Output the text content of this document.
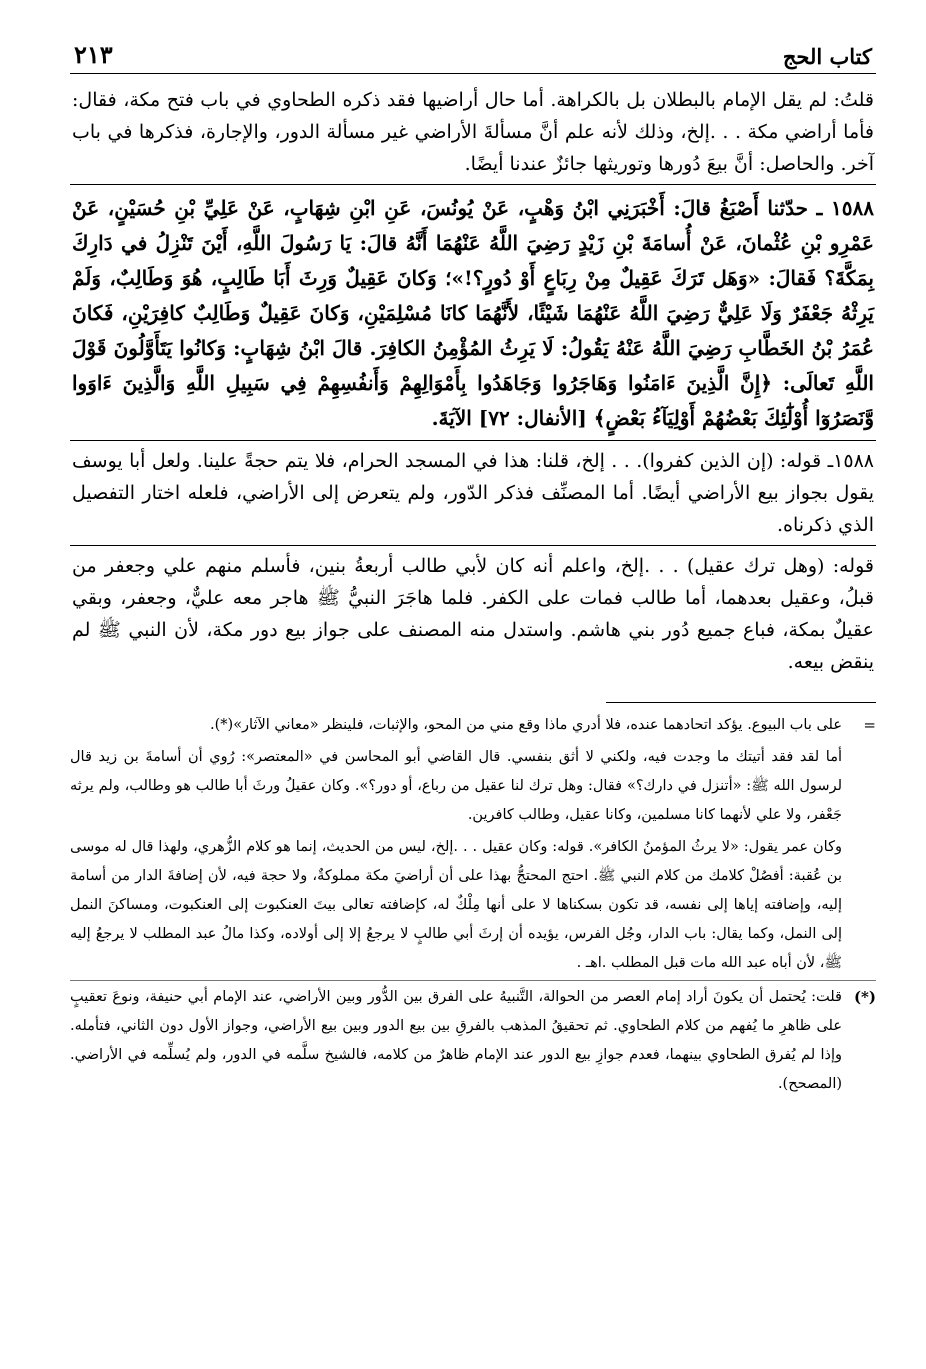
كتاب الحج
٢١٣

قلتُ: لم يقل الإمام بالبطلان بل بالكراهة. أما حال أراضيها فقد ذكره الطحاوي في باب فتح مكة، فقال: فأما أراضي مكة . . .إلخ، وذلك لأنه علم أنَّ مسألةَ الأراضي غير مسألة الدور، والإجارة، فذكرها في باب آخر. والحاصل: أنَّ بيعَ دُورها وتوريثها جائزٌ عندنا أيضًا.

١٥٨٨ ـ حدّثنا أَصْبَغُ قالَ: أَخْبَرَنِي ابْنُ وَهْبٍ، عَنْ يُونُسَ، عَنِ ابْنِ شِهَابٍ، عَنْ عَلِيِّ بْنِ حُسَيْنٍ، عَنْ عَمْرِو بْنِ عُثْمانَ، عَنْ أُسامَةَ بْنِ زَيْدٍ رَضِيَ اللَّهُ عَنْهُمَا أَنَّهُ قالَ: يَا رَسُولَ اللَّهِ، أَيْنَ تَنْزِلُ في دَارِكَ بِمَكَّةَ؟ فَقالَ: «وَهَل تَرَكَ عَقِيلٌ مِنْ رِبَاعٍ أَوْ دُورٍ؟!»؛ وَكانَ عَقِيلٌ وَرِثَ أَبَا طَالِبٍ، هُوَ وَطَالِبٌ، وَلَمْ يَرِثْهُ جَعْفَرٌ وَلَا عَلِيٌّ رَضِيَ اللَّهُ عَنْهُمَا شَيْئًا، لأَنَّهُمَا كانَا مُسْلِمَيْنِ، وَكانَ عَقِيلٌ وَطَالِبٌ كافِرَيْنِ، فَكانَ عُمَرُ بْنُ الخَطَّابِ رَضِيَ اللَّهُ عَنْهُ يَقُولُ: لَا يَرِثُ المُؤْمِنُ الكافِرَ. قالَ ابْنُ شِهَابٍ: وَكانُوا يَتَأَوَّلُونَ قَوْلَ اللَّهِ تَعالَى: ﴿إِنَّ الَّذِينَ ءَامَنُوا وَهَاجَرُوا وَجَاهَدُوا بِأَمْوَالِهِمْ وَأَنفُسِهِمْ فِي سَبِيلِ اللَّهِ وَالَّذِينَ ءَاوَوا وَّنَصَرُوٓا أُوْلَٰٓئِكَ بَعْضُهُمْ أَوْلِيَآءُ بَعْضٍ﴾ [الأنفال: ٧٢] الآيَةَ.

١٥٨٨ـ قوله: (إن الذين كفروا). . . إلخ، قلنا: هذا في المسجد الحرام، فلا يتم حجةً علينا. ولعل أبا يوسف يقول بجواز بيع الأراضي أيضًا. أما المصنِّف فذكر الدّور، ولم يتعرض إلى الأراضي، فلعله اختار التفصيل الذي ذكرناه.

قوله: (وهل ترك عقيل) . . .إلخ، واعلم أنه كان لأبي طالب أربعةُ بنين، فأسلم منهم علي وجعفر من قبلُ، وعقيل بعدهما، أما طالب فمات على الكفر. فلما هاجَرَ النبيُّ ﷺ هاجر معه عليٌّ، وجعفر، وبقي عقيلٌ بمكة، فباع جميع دُور بني هاشم. واستدل منه المصنف على جواز بيع دور مكة، لأن النبي ﷺ لم ينقض بيعه.

=
على باب البيوع. يؤكد اتحادهما عنده، فلا أدري ماذا وقع مني من المحو، والإثبات، فلينظر «معاني الآثار»(*).
أما لقد فقد أتيتك ما وجدت فيه، ولكني لا أثق بنفسي. قال القاضي أبو المحاسن في «المعتصر»: رُوي أن أسامةَ بن زيد قال لرسول الله ﷺ: «أتنزل في دارك؟» فقال: وهل ترك لنا عقيل من رباع، أو دور؟». وكان عقيلُ ورثَ أبا طالب هو وطالب، ولم يرثه جَعْفر، ولا علي لأنهما كانا مسلمين، وكانا عقيل، وطالب كافرين.
وكان عمر يقول: «لا يرثُ المؤمنُ الكافر». قوله: وكان عقيل . . .إلخ، ليس من الحديث، إنما هو كلام الزُّهري، ولهذا قال له موسى بن عُقبة: أفصُلْ كلامك من كلام النبي ﷺ. احتج المحتجُّ بهذا على أن أراضيَ مكة مملوكةٌ، ولا حجة فيه، لأن إضافةَ الدار من أسامة إليه، وإضافته إياها إلى نفسه، قد تكون بسكناها لا على أنها مِلْكٌ له، كإضافته تعالى بيتَ العنكبوت إلى العنكبوت، ومساكنَ النمل إلى النمل، وكما يقال: باب الدار، وجُل الفرس، يؤيده أن إرثَ أبي طالبٍ لا يرجعُ إلا إلى أولاده، وكذا مالُ عبد المطلب لا يرجعُ إليه ﷺ، لأن أباه عبد الله مات قبل المطلب .اهـ .
(*)
قلت: يُحتمل أن يكونَ أراد إمام العصر من الحوالة، التَّنبيهُ على الفرق بين الدُّور وبين الأراضي، عند الإمام أبي حنيفة، ونوعَ تعقيبٍ على ظاهرِ ما يُفهم من كلام الطحاوي. ثم تحقيقُ المذهب بالفرقِ بين بيع الدور وبين بيع الأراضي، وجواز الأول دون الثاني، فتأمله. وإذا لم يُفرق الطحاوي بينهما، فعدم جوازِ بيع الدور عند الإمام ظاهرٌ من كلامه، فالشيخ سلَّمه في الدور، ولم يُسلِّمه في الأراضي. (المصحح).
